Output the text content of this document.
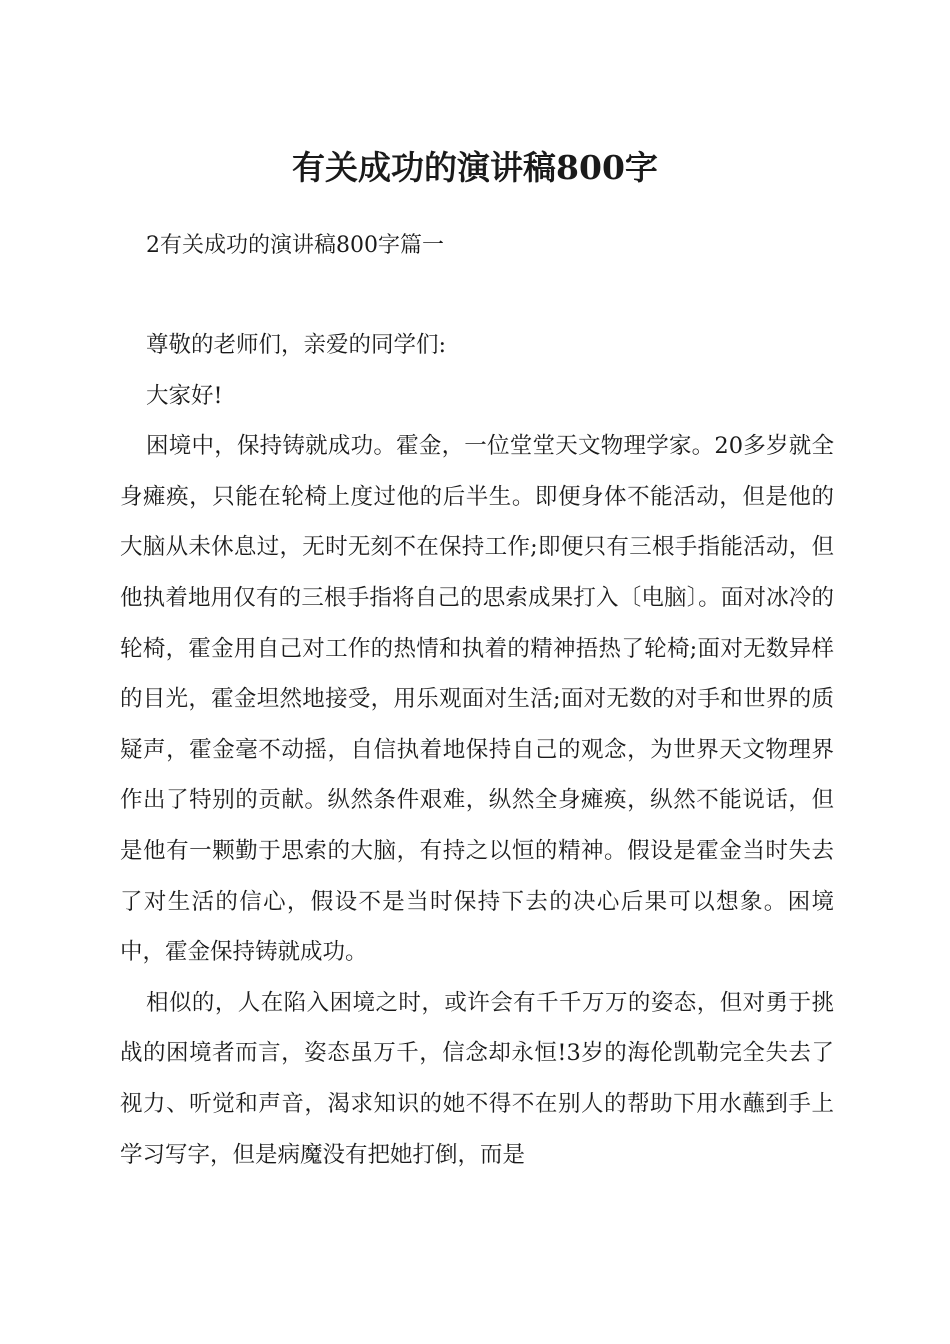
有关成功的演讲稿800字
2有关成功的演讲稿800字篇一

尊敬的老师们，亲爱的同学们:

大家好!

困境中，保持铸就成功。霍金，一位堂堂天文物理学家。20多岁就全身瘫痪，只能在轮椅上度过他的后半生。即便身体不能活动，但是他的大脑从未休息过，无时无刻不在保持工作;即便只有三根手指能活动，但他执着地用仅有的三根手指将自己的思索成果打入〔电脑〕。面对冰冷的轮椅，霍金用自己对工作的热情和执着的精神捂热了轮椅;面对无数异样的目光，霍金坦然地接受，用乐观面对生活;面对无数的对手和世界的质疑声，霍金毫不动摇，自信执着地保持自己的观念，为世界天文物理界作出了特别的贡献。纵然条件艰难，纵然全身瘫痪，纵然不能说话，但是他有一颗勤于思索的大脑，有持之以恒的精神。假设是霍金当时失去了对生活的信心，假设不是当时保持下去的决心后果可以想象。困境中，霍金保持铸就成功。

相似的，人在陷入困境之时，或许会有千千万万的姿态，但对勇于挑战的困境者而言，姿态虽万千，信念却永恒!3岁的海伦凯勒完全失去了视力、听觉和声音，渴求知识的她不得不在别人的帮助下用水蘸到手上学习写字，但是病魔没有把她打倒，而是
